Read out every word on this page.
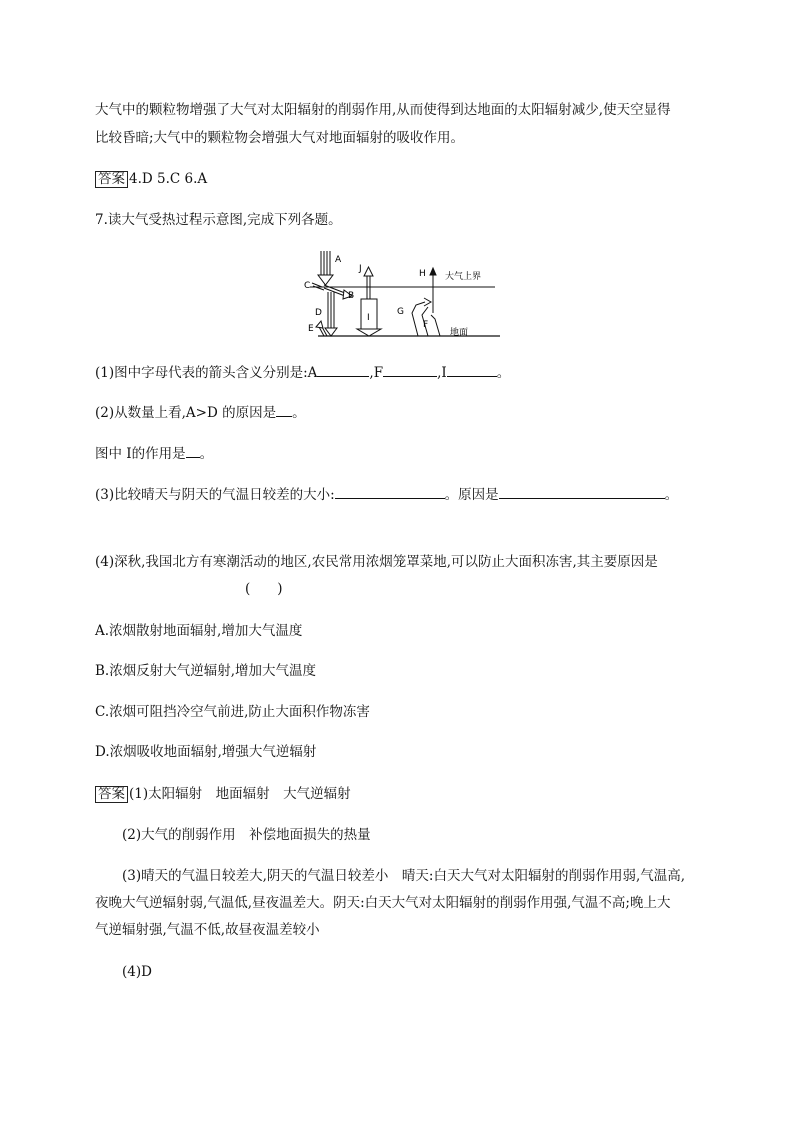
大气中的颗粒物增强了大气对太阳辐射的削弱作用,从而使得到达地面的太阳辐射减少,使天空显得
比较昏暗;大气中的颗粒物会增强大气对地面辐射的吸收作用。
答案 4.D 5.C 6.A
7.读大气受热过程示意图,完成下列各题。
A
B
C
D
E
J
I
H 大气上界
G
F
地面
(1)图中字母代表的箭头含义分别是:A	,F	,I	。
(2)从数量上看,A>D 的原因是 。
图中 I的作用是 。
(3)比较晴天与阴天的气温日较差的大小:	。原因是	。
(4)深秋,我国北方有寒潮活动的地区,农民常用浓烟笼罩菜地,可以防止大面积冻害,其主要原因是
(　　)
A.浓烟散射地面辐射,增加大气温度
B.浓烟反射大气逆辐射,增加大气温度
C.浓烟可阻挡冷空气前进,防止大面积作物冻害
D.浓烟吸收地面辐射,增强大气逆辐射
答案 (1)太阳辐射　地面辐射　大气逆辐射
(2)大气的削弱作用　补偿地面损失的热量
(3)晴天的气温日较差大,阴天的气温日较差小　晴天:白天大气对太阳辐射的削弱作用弱,气温高,
夜晚大气逆辐射弱,气温低,昼夜温差大。阴天:白天大气对太阳辐射的削弱作用强,气温不高;晚上大
气逆辐射强,气温不低,故昼夜温差较小
(4)D
